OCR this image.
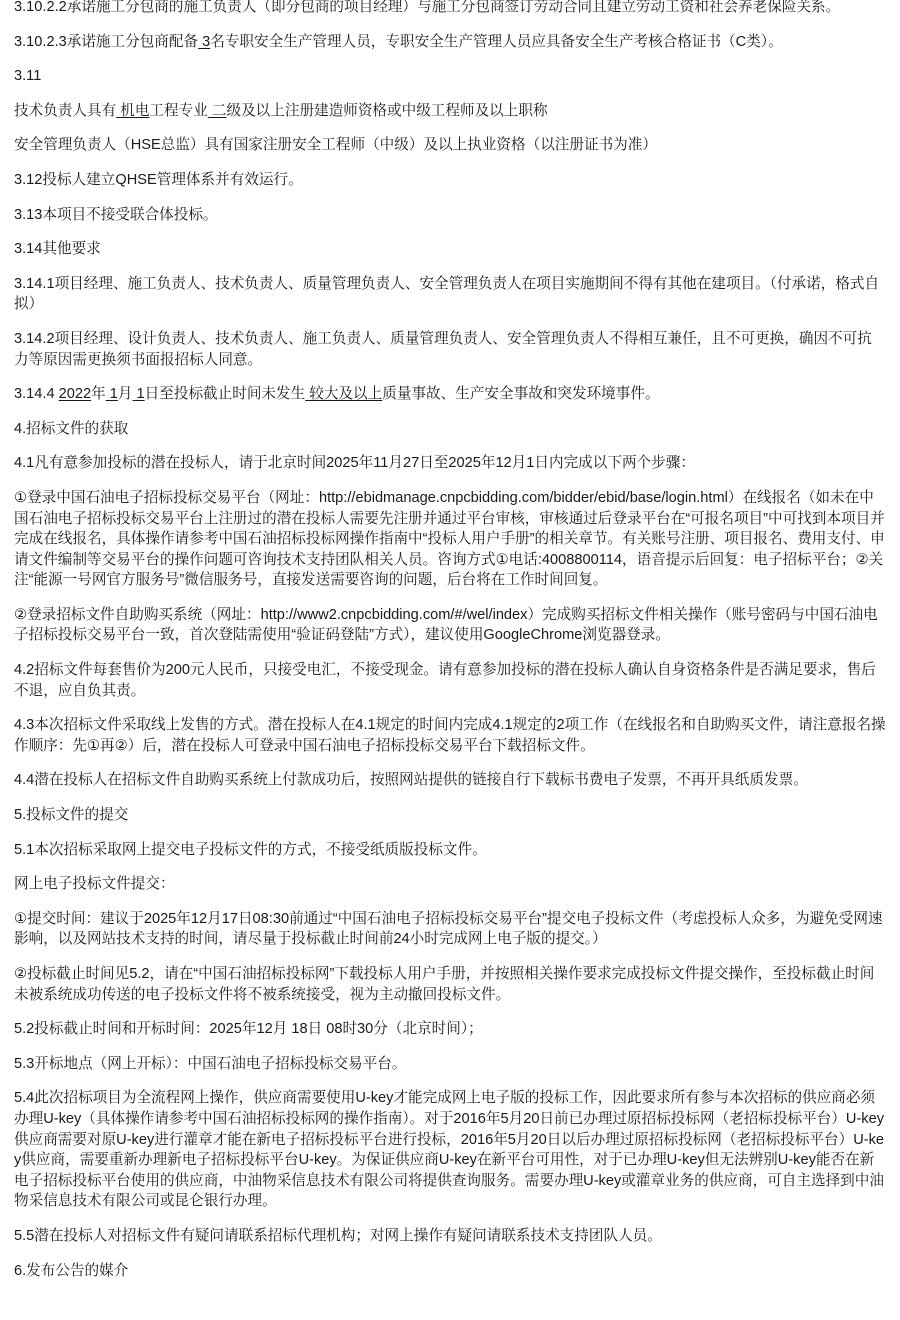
3.10.2.2承诺施工分包商的施工负责人（即分包商的项目经理）与施工分包商签订劳动合同且建立劳动工资和社会养老保险关系。

3.10.2.3承诺施工分包商配备 3名专职安全生产管理人员，专职安全生产管理人员应具备安全生产考核合格证书（C类）。

3.11

技术负责人具有 机电工程专业 二级及以上注册建造师资格或中级工程师及以上职称

安全管理负责人（HSE总监）具有国家注册安全工程师（中级）及以上执业资格（以注册证书为准）

3.12投标人建立QHSE管理体系并有效运行。

3.13本项目不接受联合体投标。

3.14其他要求

3.14.1项目经理、施工负责人、技术负责人、质量管理负责人、安全管理负责人在项目实施期间不得有其他在建项目。（付承诺，格式自拟）

3.14.2项目经理、设计负责人、技术负责人、施工负责人、质量管理负责人、安全管理负责人不得相互兼任，且不可更换，确因不可抗力等原因需更换须书面报招标人同意。

3.14.4 2022年 1月 1日至投标截止时间未发生 较大及以上质量事故、生产安全事故和突发环境事件。

4.招标文件的获取

4.1凡有意参加投标的潜在投标人，请于北京时间2025年11月27日至2025年12月1日内完成以下两个步骤：

①登录中国石油电子招标投标交易平台（网址：http://ebidmanage.cnpcbidding.com/bidder/ebid/base/login.html）在线报名（如未在中国石油电子招标投标交易平台上注册过的潜在投标人需要先注册并通过平台审核，审核通过后登录平台在“可报名项目”中可找到本项目并完成在线报名，具体操作请参考中国石油招标投标网操作指南中“投标人用户手册”的相关章节。有关账号注册、项目报名、费用支付、申请文件编制等交易平台的操作问题可咨询技术支持团队相关人员。咨询方式①电话:4008800114，语音提示后回复：电子招标平台；②关注“能源一号网官方服务号”微信服务号，直接发送需要咨询的问题，后台将在工作时间回复。

②登录招标文件自助购买系统（网址：http://www2.cnpcbidding.com/#/wel/index）完成购买招标文件相关操作（账号密码与中国石油电子招标投标交易平台一致，首次登陆需使用“验证码登陆”方式），建议使用GoogleChrome浏览器登录。

4.2招标文件每套售价为200元人民币，只接受电汇，不接受现金。请有意参加投标的潜在投标人确认自身资格条件是否满足要求，售后不退，应自负其责。

4.3本次招标文件采取线上发售的方式。潜在投标人在4.1规定的时间内完成4.1规定的2项工作（在线报名和自助购买文件，请注意报名操作顺序：先①再②）后，潜在投标人可登录中国石油电子招标投标交易平台下载招标文件。

4.4潜在投标人在招标文件自助购买系统上付款成功后，按照网站提供的链接自行下载标书费电子发票，不再开具纸质发票。

5.投标文件的提交

5.1本次招标采取网上提交电子投标文件的方式，不接受纸质版投标文件。

网上电子投标文件提交：

①提交时间：建议于2025年12月17日08:30前通过“中国石油电子招标投标交易平台”提交电子投标文件（考虑投标人众多，为避免受网速影响，以及网站技术支持的时间，请尽量于投标截止时间前24小时完成网上电子版的提交。）

②投标截止时间见5.2，请在“中国石油招标投标网”下载投标人用户手册，并按照相关操作要求完成投标文件提交操作，至投标截止时间未被系统成功传送的电子投标文件将不被系统接受，视为主动撤回投标文件。

5.2投标截止时间和开标时间：2025年12月 18日 08时30分（北京时间）；

5.3开标地点（网上开标）：中国石油电子招标投标交易平台。

5.4此次招标项目为全流程网上操作，供应商需要使用U-key才能完成网上电子版的投标工作，因此要求所有参与本次招标的供应商必须办理U-key（具体操作请参考中国石油招标投标网的操作指南）。对于2016年5月20日前已办理过原招标投标网（老招标投标平台）U-key供应商需要对原U-key进行灌章才能在新电子招标投标平台进行投标，2016年5月20日以后办理过原招标投标网（老招标投标平台）U-key供应商，需要重新办理新电子招标投标平台U-key。为保证供应商U-key在新平台可用性，对于已办理U-key但无法辨别U-key能否在新电子招标投标平台使用的供应商，中油物采信息技术有限公司将提供查询服务。需要办理U-key或灌章业务的供应商，可自主选择到中油物采信息技术有限公司或昆仑银行办理。

5.5潜在投标人对招标文件有疑问请联系招标代理机构；对网上操作有疑问请联系技术支持团队人员。

6.发布公告的媒介
